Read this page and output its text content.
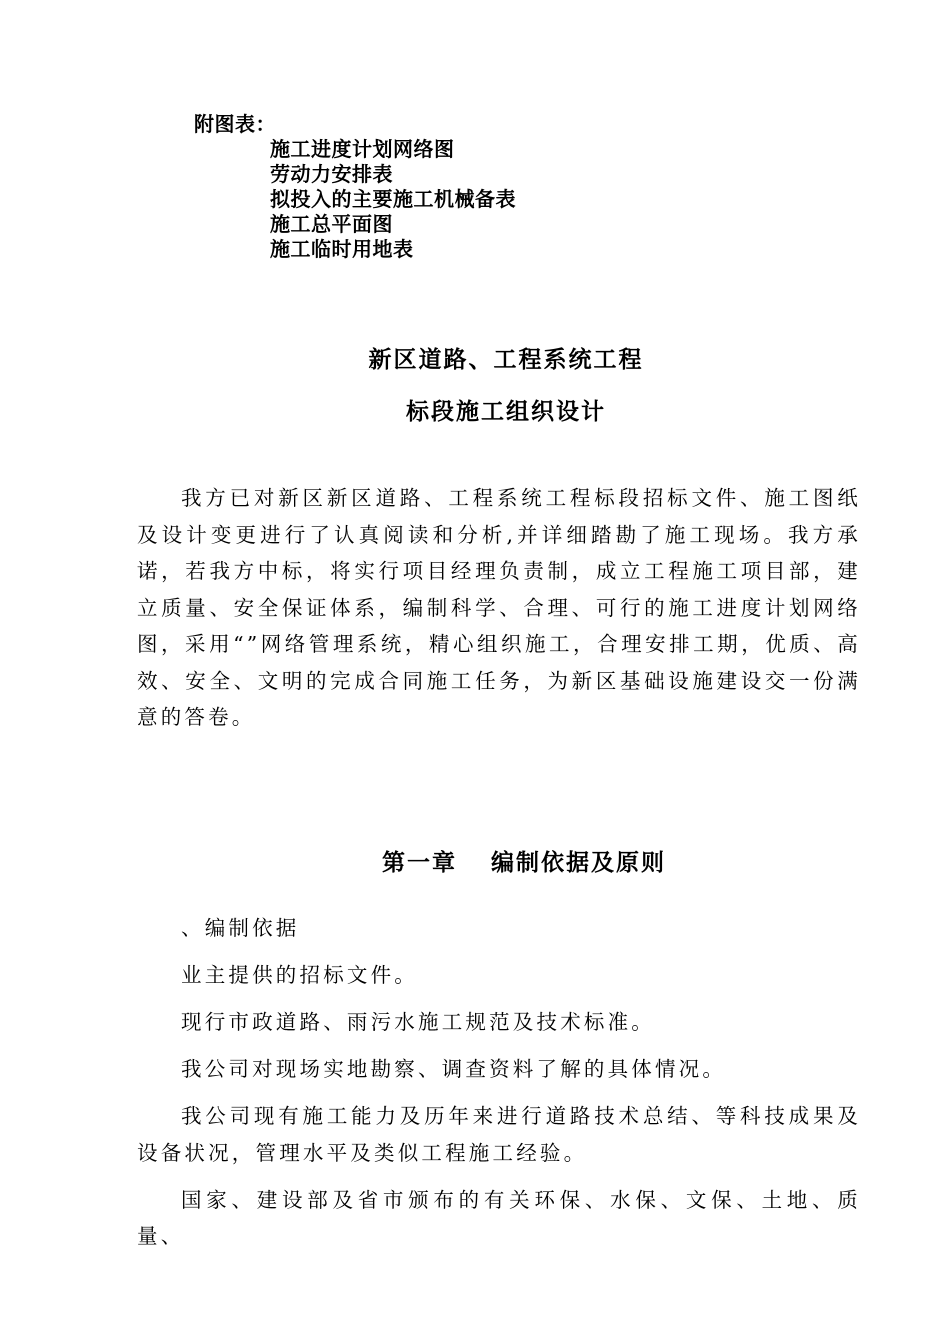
附图表：
施工进度计划网络图
劳动力安排表
拟投入的主要施工机械备表
施工总平面图
施工临时用地表
新区道路、工程系统工程
标段施工组织设计

我方已对新区新区道路、工程系统工程标段招标文件、施工图纸及设计变更进行了认真阅读和分析,并详细踏勘了施工现场。我方承诺，若我方中标，将实行项目经理负责制，成立工程施工项目部，建立质量、安全保证体系，编制科学、合理、可行的施工进度计划网络图，采用“”网络管理系统，精心组织施工，合理安排工期，优质、高效、安全、文明的完成合同施工任务，为新区基础设施建设交一份满意的答卷。

第一章 编制依据及原则

、编制依据

业主提供的招标文件。

现行市政道路、雨污水施工规范及技术标准。

我公司对现场实地勘察、调查资料了解的具体情况。

我公司现有施工能力及历年来进行道路技术总结、等科技成果及设备状况，管理水平及类似工程施工经验。

国家、建设部及省市颁布的有关环保、水保、文保、土地、质量、
